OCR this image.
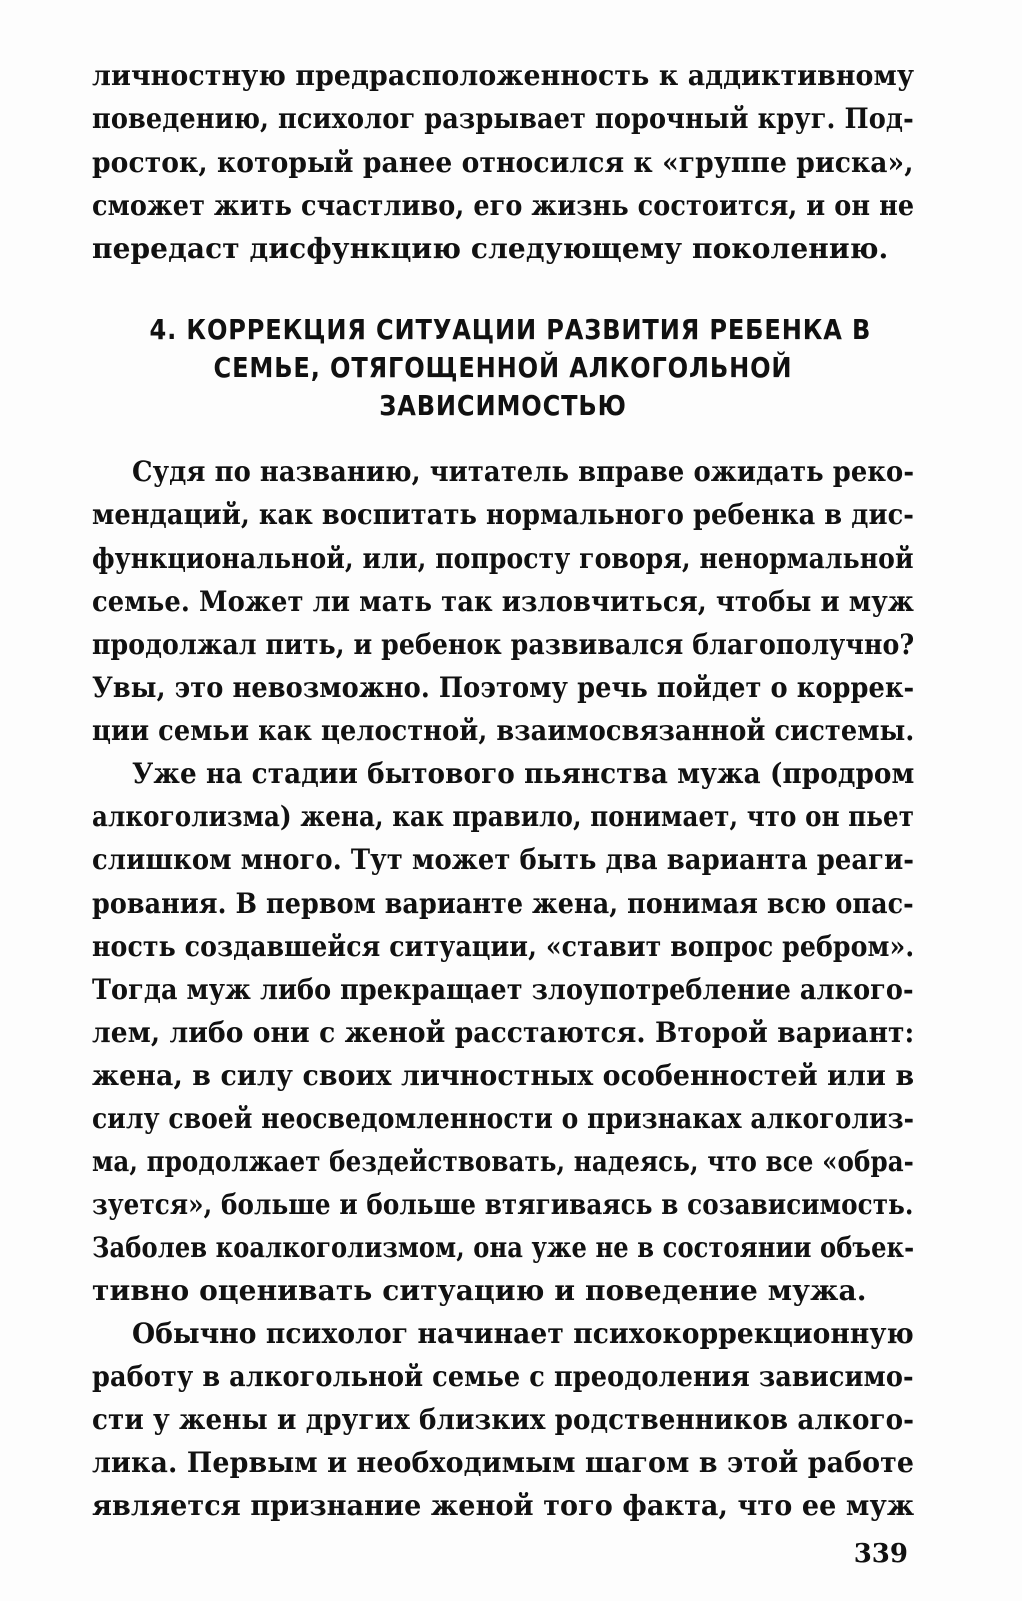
личностную предрасположенность к аддиктивному
поведению, психолог разрывает порочный круг. Под-
росток, который ранее относился к «группе риска»,
сможет жить счастливо, его жизнь состоится, и он не
передаст дисфункцию следующему поколению.
4. КОРРЕКЦИЯ СИТУАЦИИ РАЗВИТИЯ РЕБЕНКА В
СЕМЬЕ, ОТЯГОЩЕННОЙ АЛКОГОЛЬНОЙ
ЗАВИСИМОСТЬЮ
Судя по названию, читатель вправе ожидать реко-
мендаций, как воспитать нормального ребенка в дис-
функциональной, или, попросту говоря, ненормальной
семье. Может ли мать так изловчиться, чтобы и муж
продолжал пить, и ребенок развивался благополучно?
Увы, это невозможно. Поэтому речь пойдет о коррек-
ции семьи как целостной, взаимосвязанной системы.
Уже на стадии бытового пьянства мужа (продром
алкоголизма) жена, как правило, понимает, что он пьет
слишком много. Тут может быть два варианта реаги-
рования. В первом варианте жена, понимая всю опас-
ность создавшейся ситуации, «ставит вопрос ребром».
Тогда муж либо прекращает злоупотребление алкого-
лем, либо они с женой расстаются. Второй вариант:
жена, в силу своих личностных особенностей или в
силу своей неосведомленности о признаках алкоголиз-
ма, продолжает бездействовать, надеясь, что все «обра-
зуется», больше и больше втягиваясь в созависимость.
Заболев коалкоголизмом, она уже не в состоянии объек-
тивно оценивать ситуацию и поведение мужа.
Обычно психолог начинает психокоррекционную
работу в алкогольной семье с преодоления зависимо-
сти у жены и других близких родственников алкого-
лика. Первым и необходимым шагом в этой работе
является признание женой того факта, что ее муж
339
